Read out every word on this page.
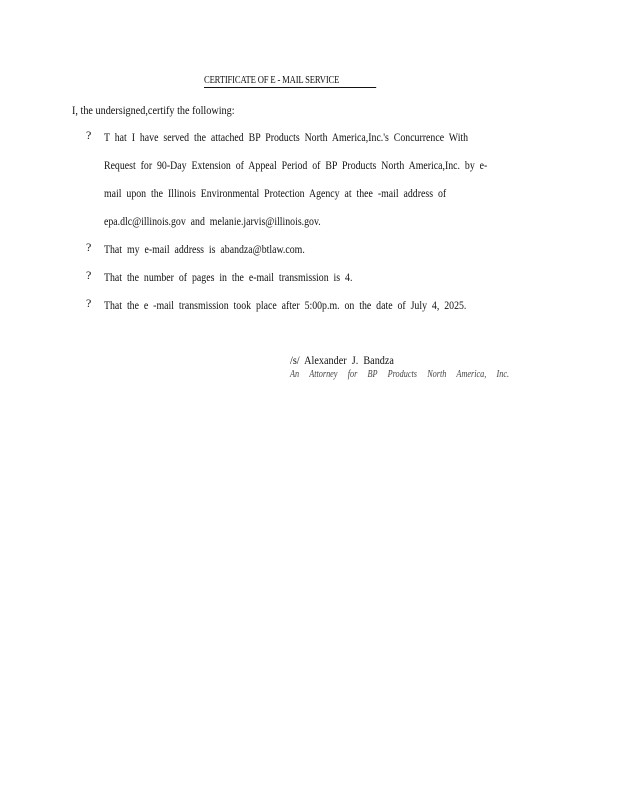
CERTIFICATE OF E - MAIL SERVICE
I, the undersigned,certify the following:
? T hat I have served the attached BP Products North America,Inc.'s Concurrence With
Request for 90-Day Extension of Appeal Period of BP Products North America,Inc. by e-
mail upon the Illinois Environmental Protection Agency at thee -mail address of
epa.dlc@illinois.gov and melanie.jarvis@illinois.gov.
? That my e-mail address is abandza@btlaw.com.
? That the number of pages in the e-mail transmission is 4.
? That the e -mail transmission took place after 5:00p.m. on the date of July 4, 2025.
/s/ Alexander J. Bandza
An Attorney for BP Products North America, Inc.
